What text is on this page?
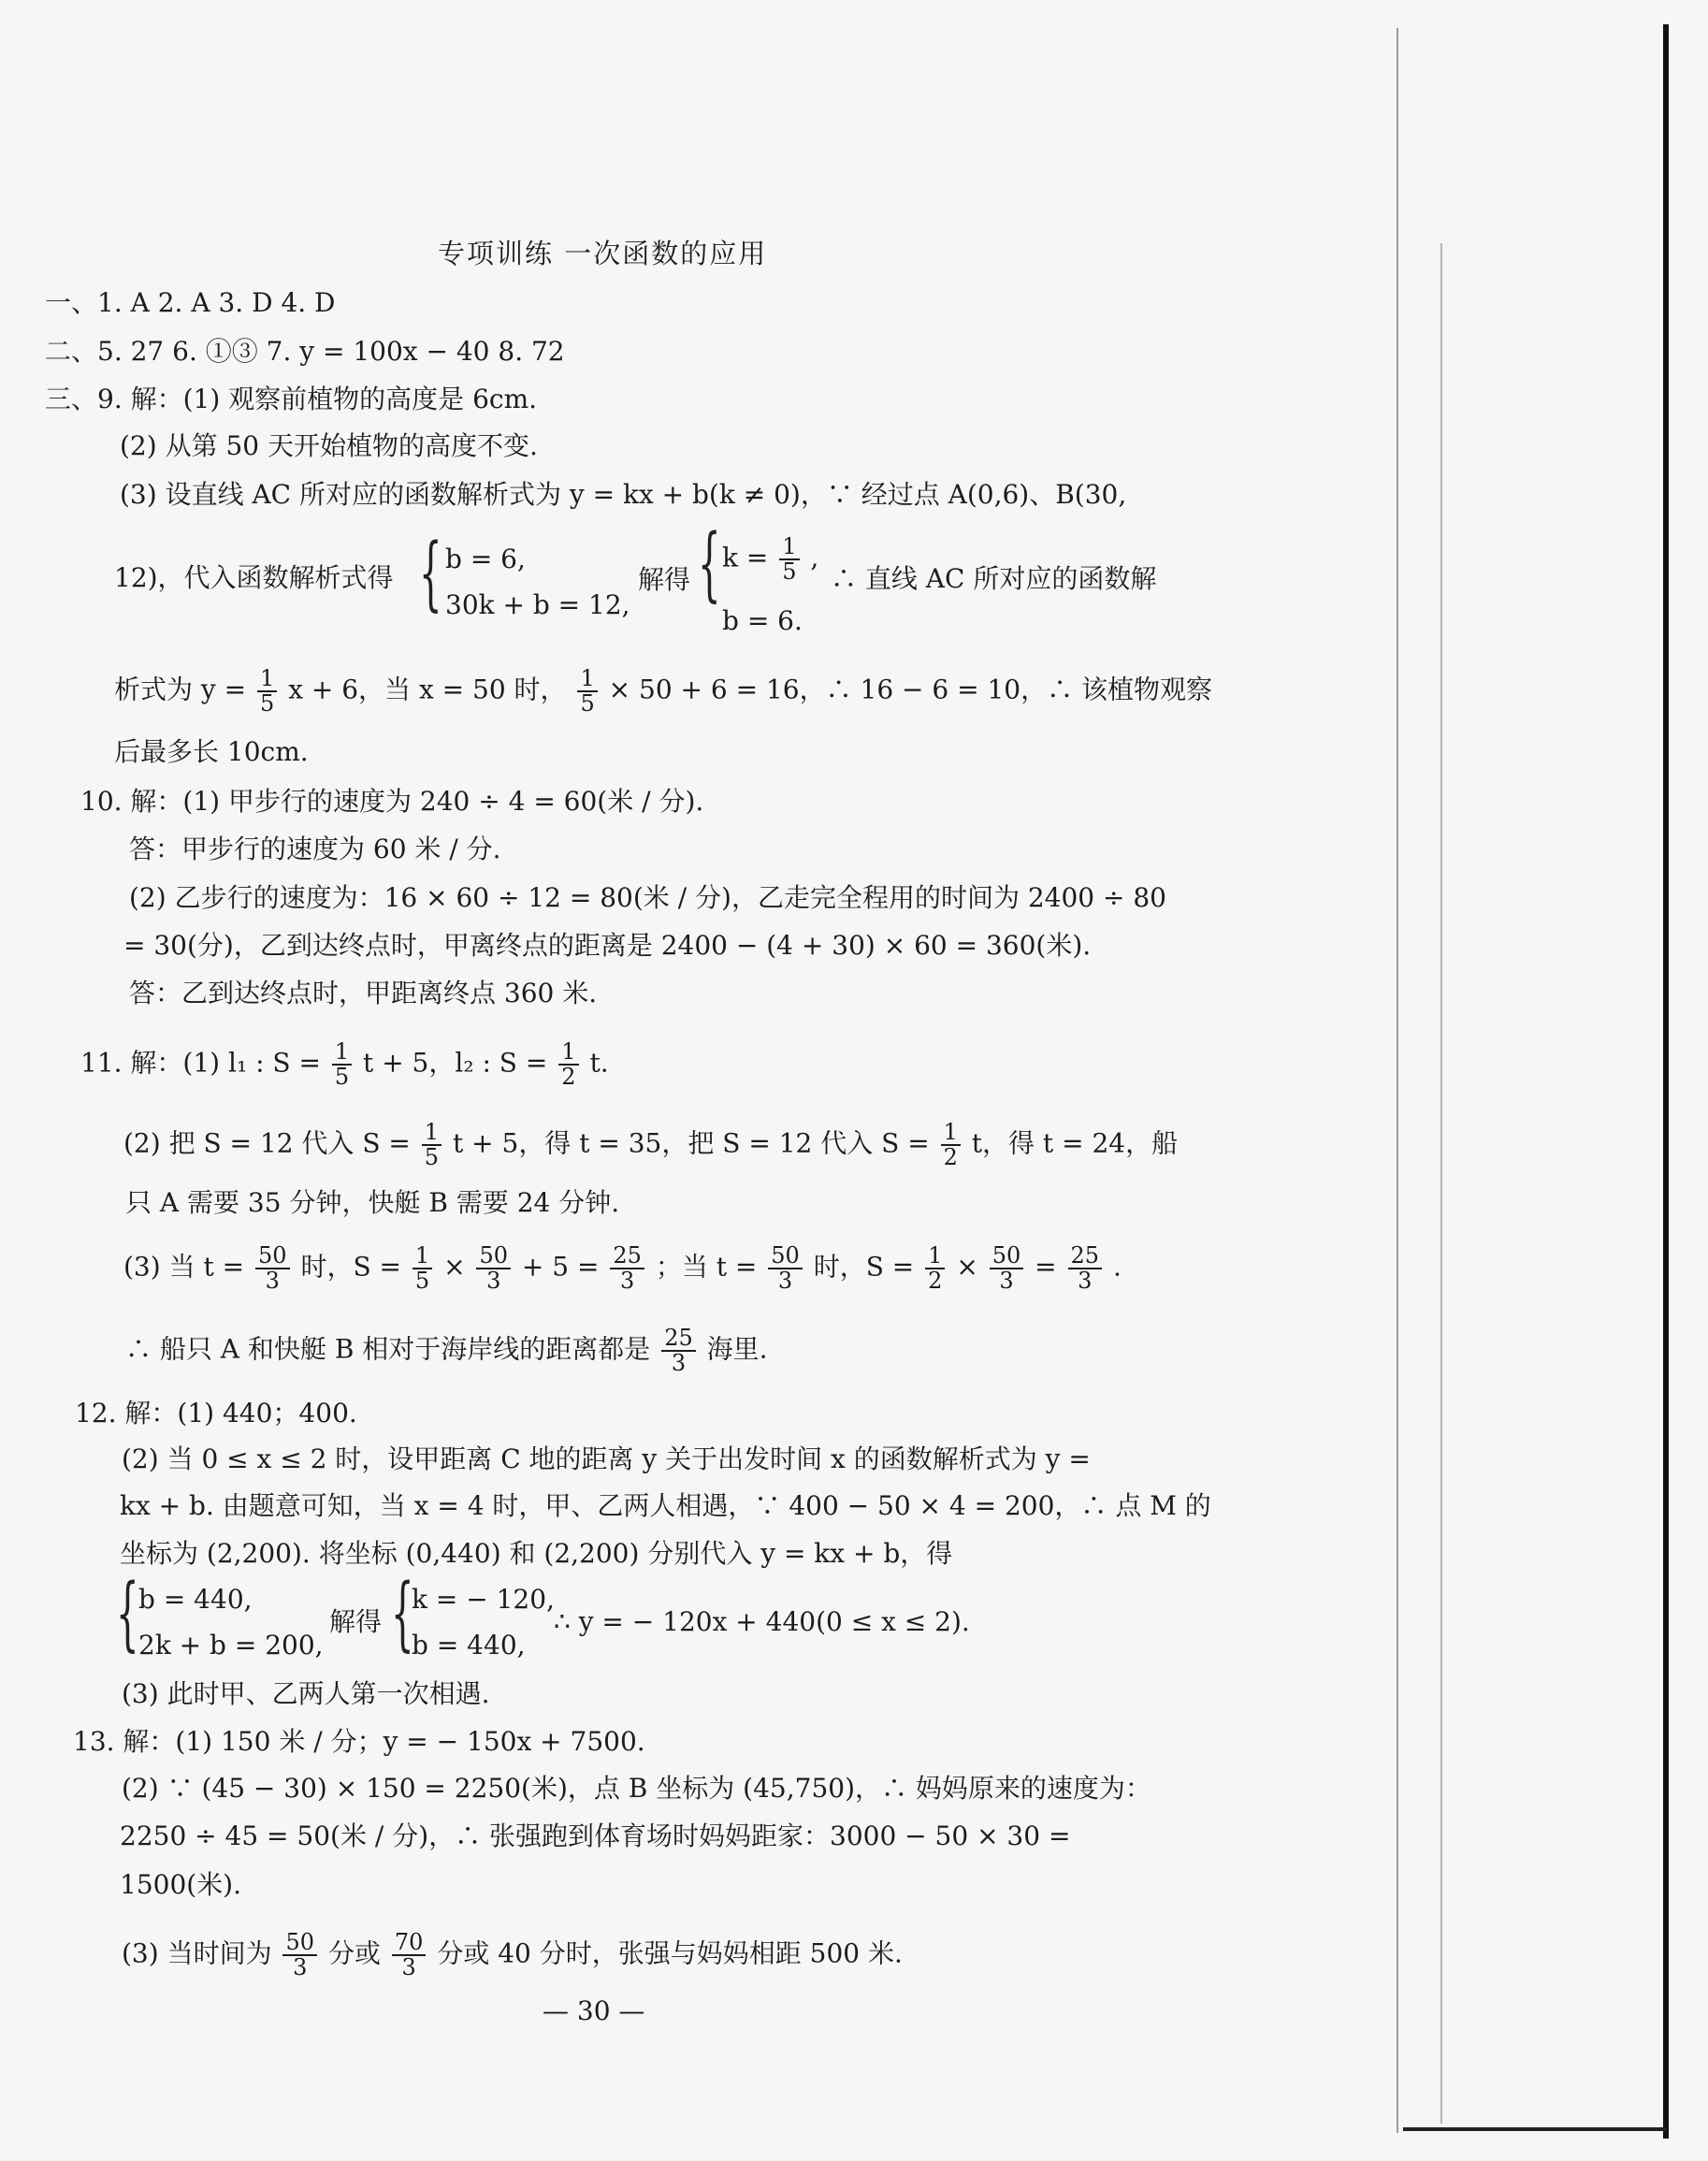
专项训练 一次函数的应用
一、1. A 2. A 3. D 4. D
二、5. 27 6. ①③ 7. y = 100x − 40 8. 72
三、9. 解：(1) 观察前植物的高度是 6cm.
(2) 从第 50 天开始植物的高度不变.
(3) 设直线 AC 所对应的函数解析式为 y = kx + b(k ≠ 0)，∵ 经过点 A(0,6)、B(30,
12)，代入函数解析式得 { b = 6,
30k + b = 12,
解得 { $k = \frac{1}{5}$ ,
b = 6.
∴ 直线 AC 所对应的函数解
析式为 $y = \frac{1}{5}$ x + 6，当 x = 50 时， $\frac{1}{5} \times 50 + 6 = 16$，∴ 16 − 6 = 10，∴ 该植物观察
后最多长 10cm.
10. 解：(1) 甲步行的速度为 240 ÷ 4 = 60(米 / 分).
答：甲步行的速度为 60 米 / 分.
(2) 乙步行的速度为：16 × 60 ÷ 12 = 80(米 / 分)，乙走完全程用的时间为 2400 ÷ 80
= 30(分)，乙到达终点时，甲离终点的距离是 2400 − (4 + 30) × 60 = 360(米).
答：乙到达终点时，甲距离终点 360 米.
11. 解：(1) l₁ : $S = \frac{1}{5}$ t + 5，l₂ : $S = \frac{1}{2} t$.
(2) 把 S = 12 代入 $S = \frac{1}{5}$ t + 5，得 t = 35，把 S = 12 代入 $S = \frac{1}{2}$ t，得 t = 24，船
只 A 需要 35 分钟，快艇 B 需要 24 分钟.
(3) 当 $t = \frac{50}{3}$ 时，$S = \frac{1}{5} \times \frac{50}{3} + 5 = \frac{25}{3}$ ；当 $t = \frac{50}{3}$ 时，$S = \frac{1}{2} \times \frac{50}{3} = \frac{25}{3}$ .
∴ 船只 A 和快艇 B 相对于海岸线的距离都是 $\frac{25}{3}$ 海里.
12. 解：(1) 440；400.
(2) 当 0 ≤ x ≤ 2 时，设甲距离 C 地的距离 y 关于出发时间 x 的函数解析式为 y =
kx + b. 由题意可知，当 x = 4 时，甲、乙两人相遇，∵ 400 − 50 × 4 = 200，∴ 点 M 的
坐标为 (2,200). 将坐标 (0,440) 和 (2,200) 分别代入 y = kx + b，得
{ b = 440,
2k + b = 200,
解得 {
k = − 120,
b = 440,
∴ y = − 120x + 440(0 ≤ x ≤ 2).
(3) 此时甲、乙两人第一次相遇.
13. 解：(1) 150 米 / 分；y = − 150x + 7500.
(2) ∵ (45 − 30) × 150 = 2250(米)，点 B 坐标为 (45,750)，∴ 妈妈原来的速度为：
2250 ÷ 45 = 50(米 / 分)，∴ 张强跑到体育场时妈妈距家：3000 − 50 × 30 =
1500(米).
(3) 当时间为 $\frac{50}{3}$ 分或 $\frac{70}{3}$ 分或 40 分时，张强与妈妈相距 500 米.
— 30 —
